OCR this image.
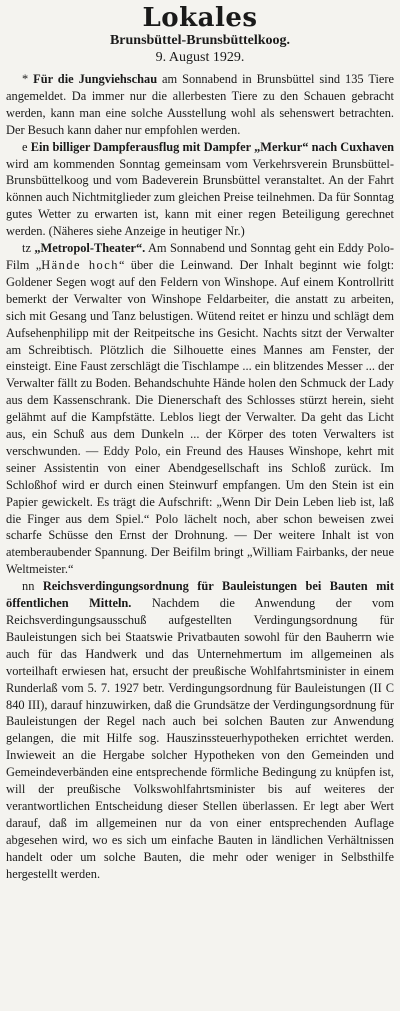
Lokales
Brunsbüttel-Brunsbüttelkoog.
9. August 1929.

* Für die Jungviehschau am Sonnabend in Brunsbüttel sind 135 Tiere angemeldet. Da immer nur die allerbesten Tiere zu den Schauen gebracht werden, kann man eine solche Ausstellung wohl als sehenswert betrachten. Der Besuch kann daher nur empfohlen werden.

e Ein billiger Dampferausflug mit Dampfer „Merkur“ nach Cuxhaven wird am kommenden Sonntag gemeinsam vom Verkehrsverein Brunsbüttel-Brunsbüttelkoog und vom Badeverein Brunsbüttel veranstaltet. An der Fahrt können auch Nichtmitglieder zum gleichen Preise teilnehmen. Da für Sonntag gutes Wetter zu erwarten ist, kann mit einer regen Beteiligung gerechnet werden. (Näheres siehe Anzeige in heutiger Nr.)

tz „Metropol-Theater“. Am Sonnabend und Sonntag geht ein Eddy Polo-Film „Hände hoch“ über die Leinwand. Der Inhalt beginnt wie folgt: Goldener Segen wogt auf den Feldern von Winshope. Auf einem Kontrollritt bemerkt der Verwalter von Winshope Feldarbeiter, die anstatt zu arbeiten, sich mit Gesang und Tanz belustigen. Wütend reitet er hinzu und schlägt dem Aufsehenphilipp mit der Reitpeitsche ins Gesicht. Nachts sitzt der Verwalter am Schreibtisch. Plötzlich die Silhouette eines Mannes am Fenster, der einsteigt. Eine Faust zerschlägt die Tischlampe ... ein blitzendes Messer ... der Verwalter fällt zu Boden. Behandschuhte Hände holen den Schmuck der Lady aus dem Kassenschrank. Die Dienerschaft des Schlosses stürzt herein, sieht gelähmt auf die Kampfstätte. Leblos liegt der Verwalter. Da geht das Licht aus, ein Schuß aus dem Dunkeln ... der Körper des toten Verwalters ist verschwunden. — Eddy Polo, ein Freund des Hauses Winshope, kehrt mit seiner Assistentin von einer Abendgesellschaft ins Schloß zurück. Im Schloßhof wird er durch einen Steinwurf empfangen. Um den Stein ist ein Papier gewickelt. Es trägt die Aufschrift: „Wenn Dir Dein Leben lieb ist, laß die Finger aus dem Spiel.“ Polo lächelt noch, aber schon beweisen zwei scharfe Schüsse den Ernst der Drohnung. — Der weitere Inhalt ist von atemberaubender Spannung. Der Beifilm bringt „William Fairbanks, der neue Weltmeister.“

nn Reichsverdingungsordnung für Bauleistungen bei Bauten mit öffentlichen Mitteln. Nachdem die Anwendung der vom Reichsverdingungsausschuß aufgestellten Verdingungsordnung für Bauleistungen sich bei Staatswie Privatbauten sowohl für den Bauherrn wie auch für das Handwerk und das Unternehmertum im allgemeinen als vorteilhaft erwiesen hat, ersucht der preußische Wohlfahrtsminister in einem Runderlaß vom 5. 7. 1927 betr. Verdingungsordnung für Bauleistungen (II C 840 III), darauf hinzuwirken, daß die Grundsätze der Verdingungsordnung für Bauleistungen der Regel nach auch bei solchen Bauten zur Anwendung gelangen, die mit Hilfe sog. Hauszinssteuerhypotheken errichtet werden. Inwieweit an die Hergabe solcher Hypotheken von den Gemeinden und Gemeindeverbänden eine entsprechende förmliche Bedingung zu knüpfen ist, will der preußische Volkswohlfahrtsminister bis auf weiteres der verantwortlichen Entscheidung dieser Stellen überlassen. Er legt aber Wert darauf, daß im allgemeinen nur da von einer entsprechenden Auflage abgesehen wird, wo es sich um einfache Bauten in ländlichen Verhältnissen handelt oder um solche Bauten, die mehr oder weniger in Selbsthilfe hergestellt werden.
